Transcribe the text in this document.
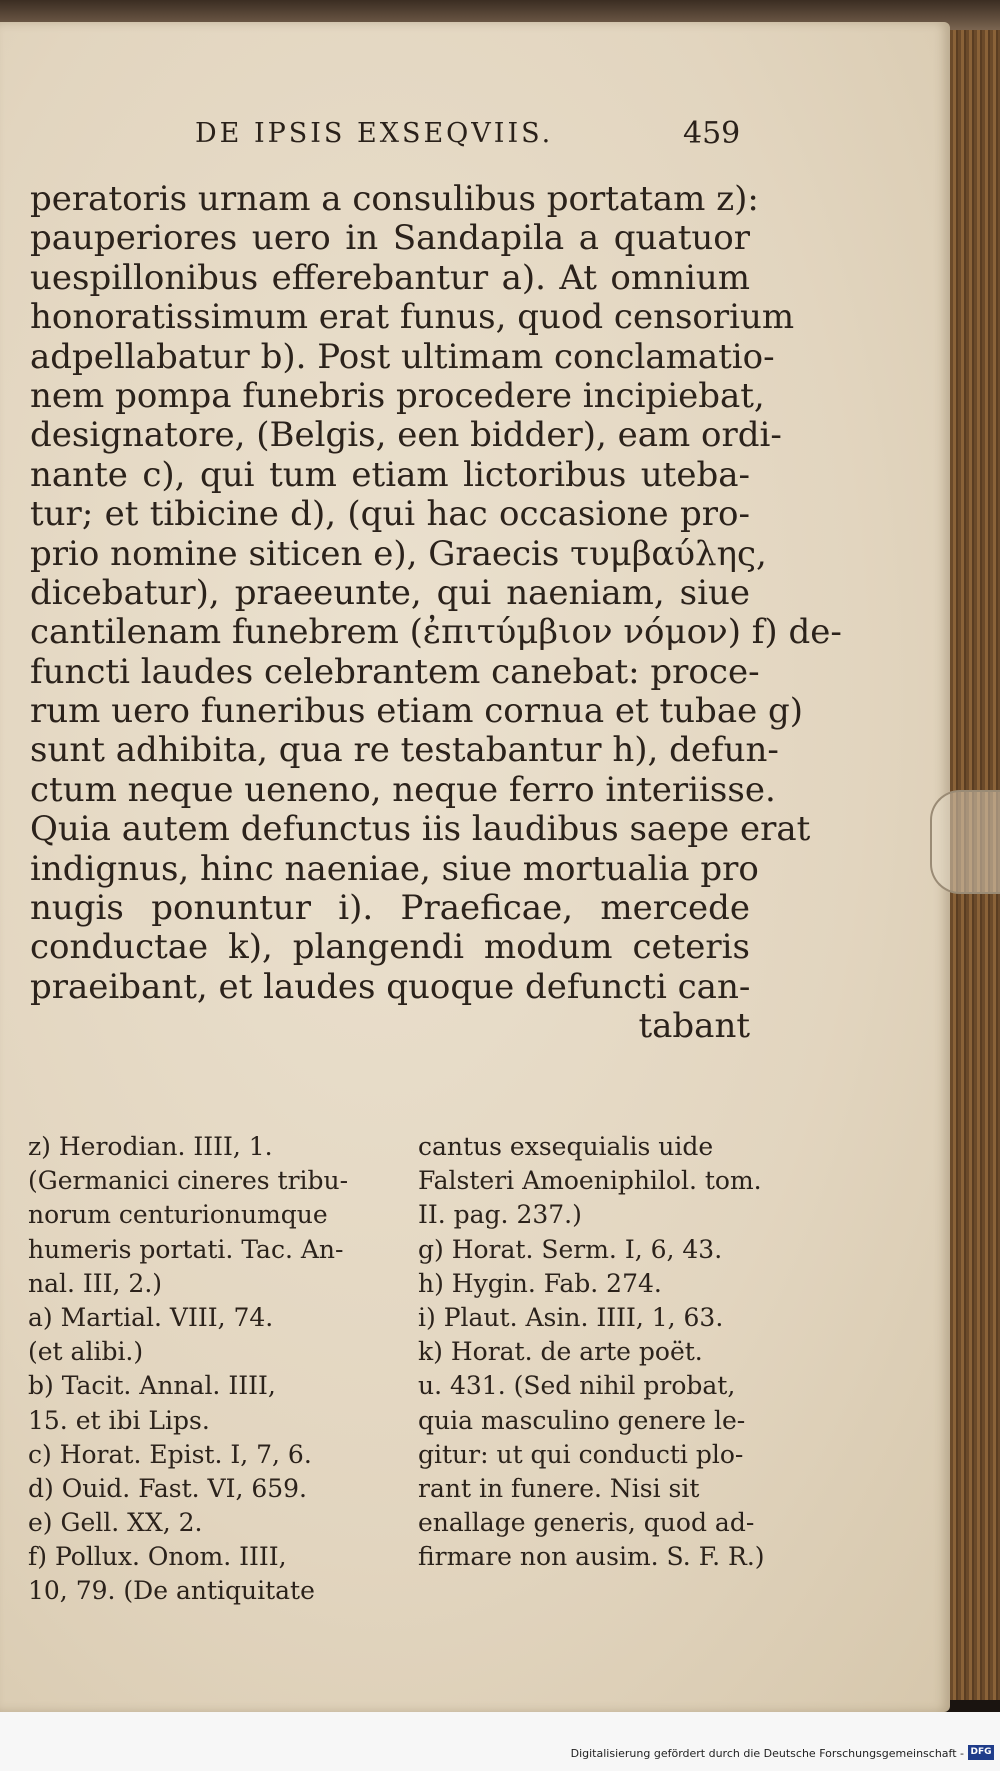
DE IPSIS EXSEQVIIS.	459
peratoris urnam a consulibus portatam z):
pauperiores uero in Sandapila a quatuor
uespillonibus efferebantur a). At omnium
honoratissimum erat funus, quod censorium
adpellabatur b). Post ultimam conclamatio-
nem pompa funebris procedere incipiebat,
designatore, (Belgis, een bidder), eam ordi-
nante c), qui tum etiam lictoribus uteba-
tur; et tibicine d), (qui hac occasione pro-
prio nomine siticen e), Graecis τυμβαύλης,
dicebatur), praeeunte, qui naeniam, siue
cantilenam funebrem (ἐπιτύμβιον νόμον) f) de-
functi laudes celebrantem canebat: proce-
rum uero funeribus etiam cornua et tubae g)
sunt adhibita, qua re testabantur h), defun-
ctum neque ueneno, neque ferro interiisse.
Quia autem defunctus iis laudibus saepe erat
indignus, hinc naeniae, siue mortualia pro
nugis ponuntur i). Praeficae, mercede
conductae k), plangendi modum ceteris
praeibant, et laudes quoque defuncti can-
tabant
z) Herodian. IIII, 1.
(Germanici cineres tribu-
norum centurionumque
humeris portati. Tac. An-
nal. III, 2.)
a) Martial. VIII, 74.
(et alibi.)
b) Tacit. Annal. IIII,
15. et ibi Lips.
c) Horat. Epist. I, 7, 6.
d) Ouid. Fast. VI, 659.
e) Gell. XX, 2.
f) Pollux. Onom. IIII,
10, 79. (De antiquitate
cantus exsequialis uide
Falsteri Amoeniphilol. tom.
II. pag. 237.)
g) Horat. Serm. I, 6, 43.
h) Hygin. Fab. 274.
i) Plaut. Asin. IIII, 1, 63.
k) Horat. de arte poët.
u. 431. (Sed nihil probat,
quia masculino genere le-
gitur: ut qui conducti plo-
rant in funere. Nisi sit
enallage generis, quod ad-
firmare non ausim. S. F. R.)
Digitalisierung gefördert durch die Deutsche Forschungsgemeinschaft - DFG
